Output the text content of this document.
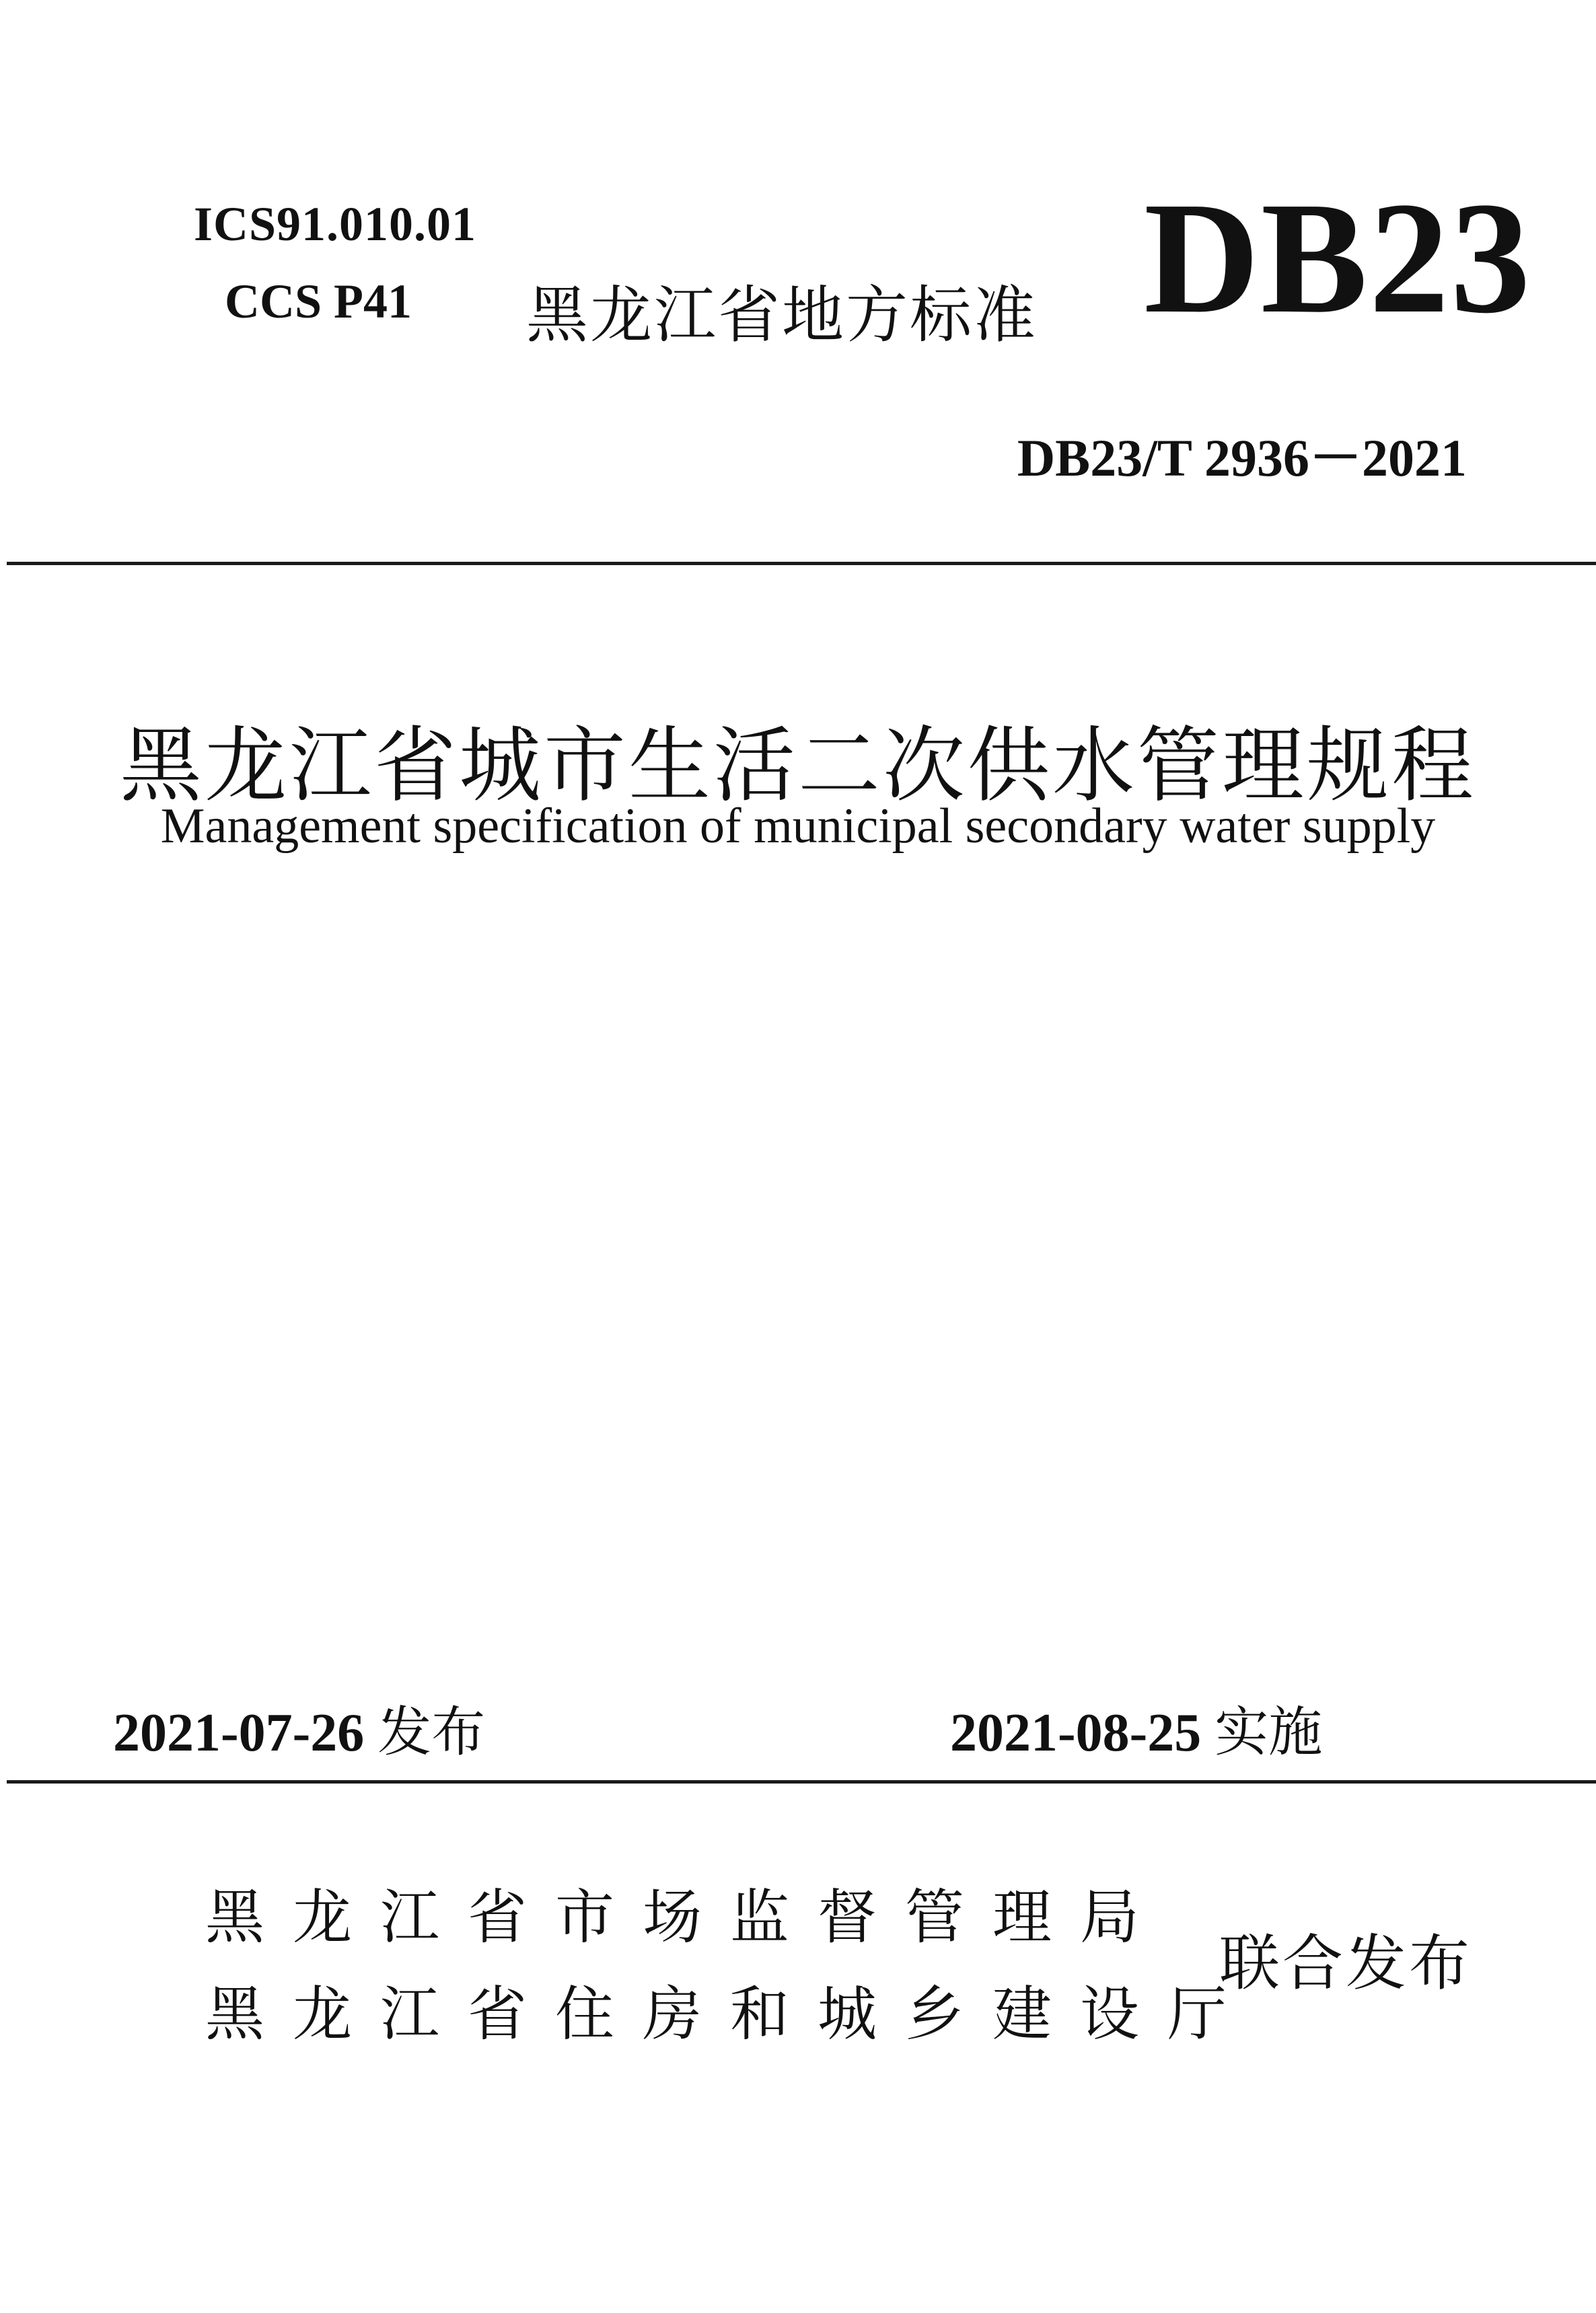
ICS91.010.01
CCS P41 黑龙江省地方标准 DB23
DB23/T 2936－2021
黑龙江省城市生活二次供水管理规程
Management specification of municipal secondary water supply
2021-07-26 发布	2021-08-25 实施
黑龙江省市场监督管理局
黑龙江省住房和城乡建设厅
联合发布
